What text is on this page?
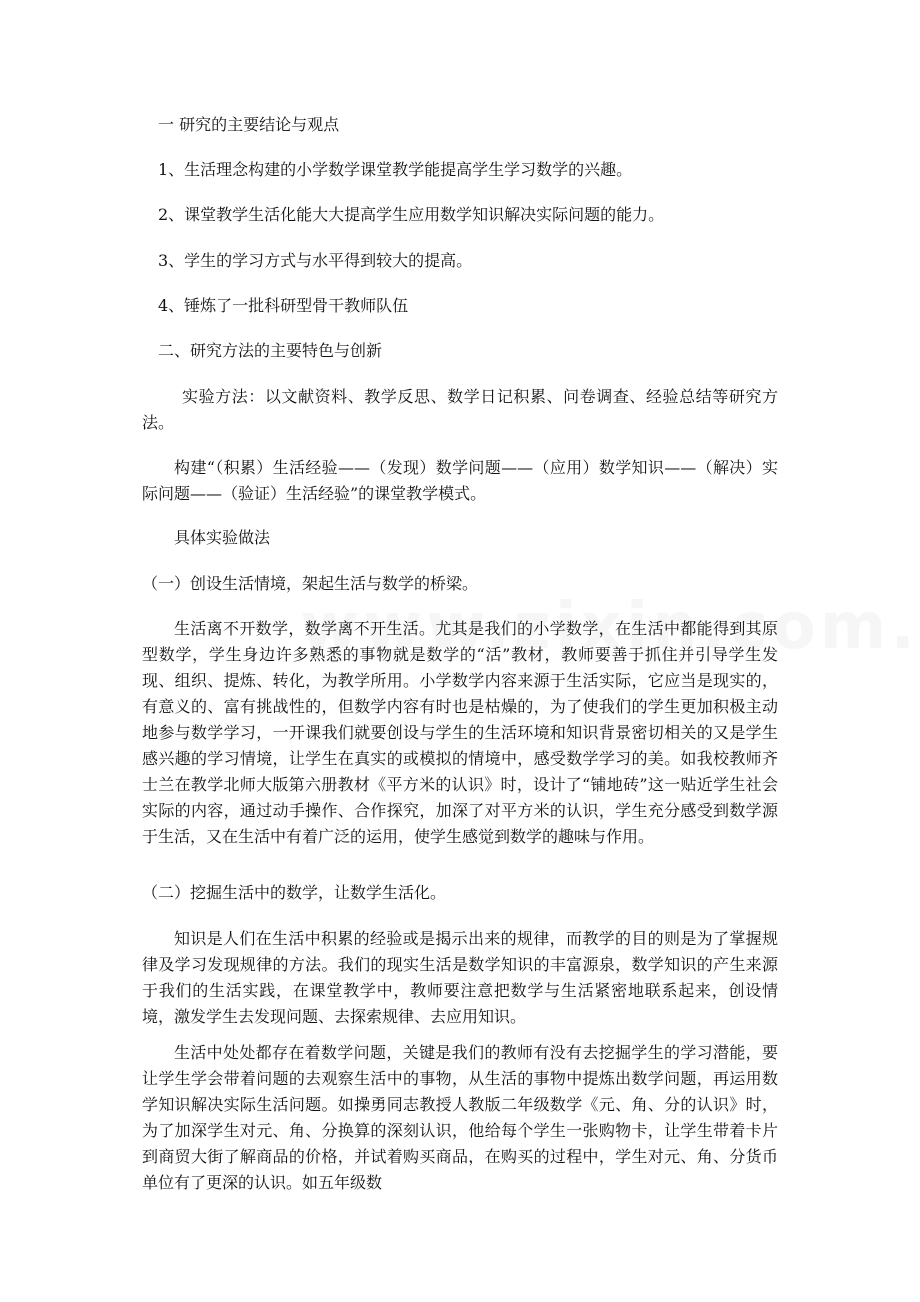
一 研究的主要结论与观点
1、生活理念构建的小学数学课堂教学能提高学生学习数学的兴趣。
2、课堂教学生活化能大大提高学生应用数学知识解决实际问题的能力。
3、学生的学习方式与水平得到较大的提高。
4、锤炼了一批科研型骨干教师队伍
二、研究方法的主要特色与创新
实验方法：以文献资料、教学反思、数学日记积累、问卷调查、经验总结等研究方法。
构建“（积累）生活经验——（发现）数学问题——（应用）数学知识——（解决）实际问题——（验证）生活经验”的课堂教学模式。
具体实验做法
（一）创设生活情境，架起生活与数学的桥梁。
生活离不开数学，数学离不开生活。尤其是我们的小学数学，在生活中都能得到其原型数学，学生身边许多熟悉的事物就是数学的“活”教材，教师要善于抓住并引导学生发现、组织、提炼、转化，为教学所用。小学数学内容来源于生活实际，它应当是现实的，有意义的、富有挑战性的，但数学内容有时也是枯燥的，为了使我们的学生更加积极主动地参与数学学习，一开课我们就要创设与学生的生活环境和知识背景密切相关的又是学生感兴趣的学习情境，让学生在真实的或模拟的情境中，感受数学学习的美。如我校教师齐士兰在教学北师大版第六册教材《平方米的认识》时，设计了“铺地砖”这一贴近学生社会实际的内容，通过动手操作、合作探究，加深了对平方米的认识，学生充分感受到数学源于生活，又在生活中有着广泛的运用，使学生感觉到数学的趣味与作用。
（二）挖掘生活中的数学，让数学生活化。
知识是人们在生活中积累的经验或是揭示出来的规律，而教学的目的则是为了掌握规律及学习发现规律的方法。我们的现实生活是数学知识的丰富源泉，数学知识的产生来源于我们的生活实践，在课堂教学中，教师要注意把数学与生活紧密地联系起来，创设情境，激发学生去发现问题、去探索规律、去应用知识。
生活中处处都存在着数学问题，关键是我们的教师有没有去挖掘学生的学习潜能，要让学生学会带着问题的去观察生活中的事物，从生活的事物中提炼出数学问题，再运用数学知识解决实际生活问题。如操勇同志教授人教版二年级数学《元、角、分的认识》时，为了加深学生对元、角、分换算的深刻认识，他给每个学生一张购物卡，让学生带着卡片到商贸大街了解商品的价格，并试着购买商品，在购买的过程中，学生对元、角、分货币单位有了更深的认识。如五年级数
